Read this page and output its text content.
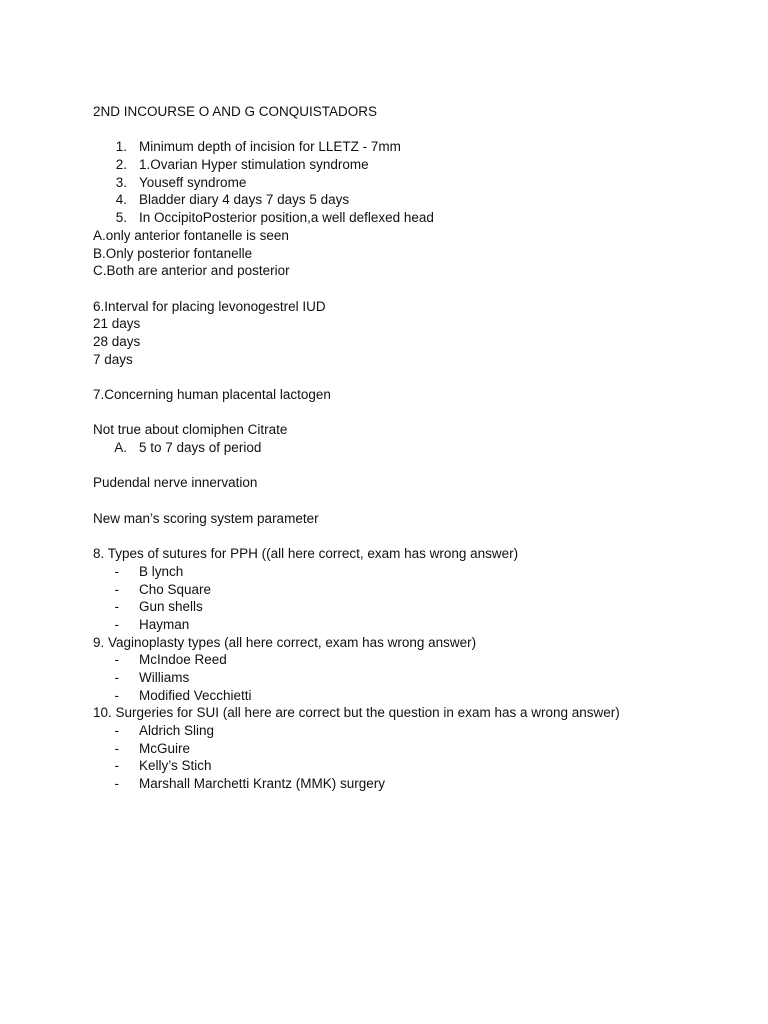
2ND INCOURSE O AND G CONQUISTADORS
1. Minimum depth of incision for LLETZ - 7mm
2. 1.Ovarian Hyper stimulation syndrome
3. Youseff syndrome
4. Bladder diary 4 days 7 days 5 days
5. In OccipitoPosterior position,a well deflexed head
A.only anterior fontanelle is seen
B.Only posterior fontanelle
C.Both are anterior and posterior
6.Interval for placing levonogestrel IUD
21 days
28 days
7 days
7.Concerning human placental lactogen
Not true about clomiphen Citrate
A. 5 to 7 days of period
Pudendal nerve innervation
New man’s scoring system parameter
8. Types of sutures for PPH ((all here correct, exam has wrong answer)
- B lynch
- Cho Square
- Gun shells
- Hayman
9. Vaginoplasty types (all here correct, exam has wrong answer)
- McIndoe Reed
- Williams
- Modified Vecchietti
10. Surgeries for SUI (all here are correct but the question in exam has a wrong answer)
- Aldrich Sling
- McGuire
- Kelly’s Stich
- Marshall Marchetti Krantz (MMK) surgery
